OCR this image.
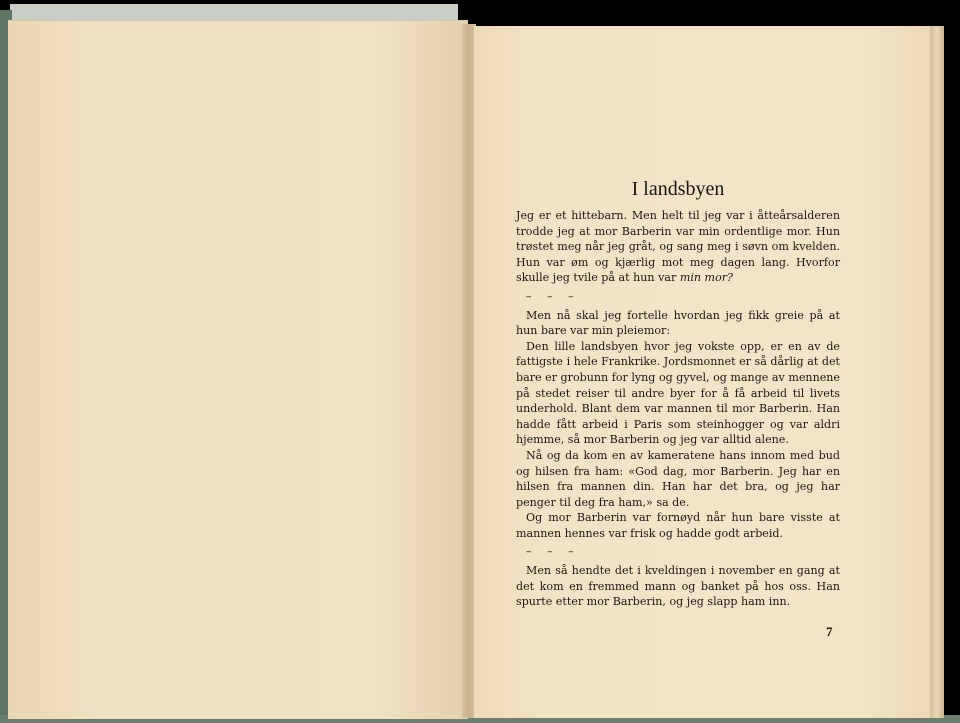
I landsbyen

Jeg er et hittebarn. Men helt til jeg var i åtteårsalderen trodde jeg at mor Barberin var min ordentlige mor. Hun trøstet meg når jeg gråt, og sang meg i søvn om kvelden. Hun var øm og kjærlig mot meg dagen lang. Hvorfor skulle jeg tvile på at hun var min mor?

– – –

Men nå skal jeg fortelle hvordan jeg fikk greie på at hun bare var min pleiemor:

Den lille landsbyen hvor jeg vokste opp, er en av de fattigste i hele Frankrike. Jordsmonnet er så dårlig at det bare er grobunn for lyng og gyvel, og mange av mennene på stedet reiser til andre byer for å få arbeid til livets underhold. Blant dem var mannen til mor Barberin. Han hadde fått arbeid i Paris som steinhogger og var aldri hjemme, så mor Barberin og jeg var alltid alene.

Nå og da kom en av kameratene hans innom med bud og hilsen fra ham: «God dag, mor Barberin. Jeg har en hilsen fra mannen din. Han har det bra, og jeg har penger til deg fra ham,» sa de.

Og mor Barberin var fornøyd når hun bare visste at mannen hennes var frisk og hadde godt arbeid.

– – –

Men så hendte det i kveldingen i november en gang at det kom en fremmed mann og banket på hos oss. Han spurte etter mor Barberin, og jeg slapp ham inn.

7
